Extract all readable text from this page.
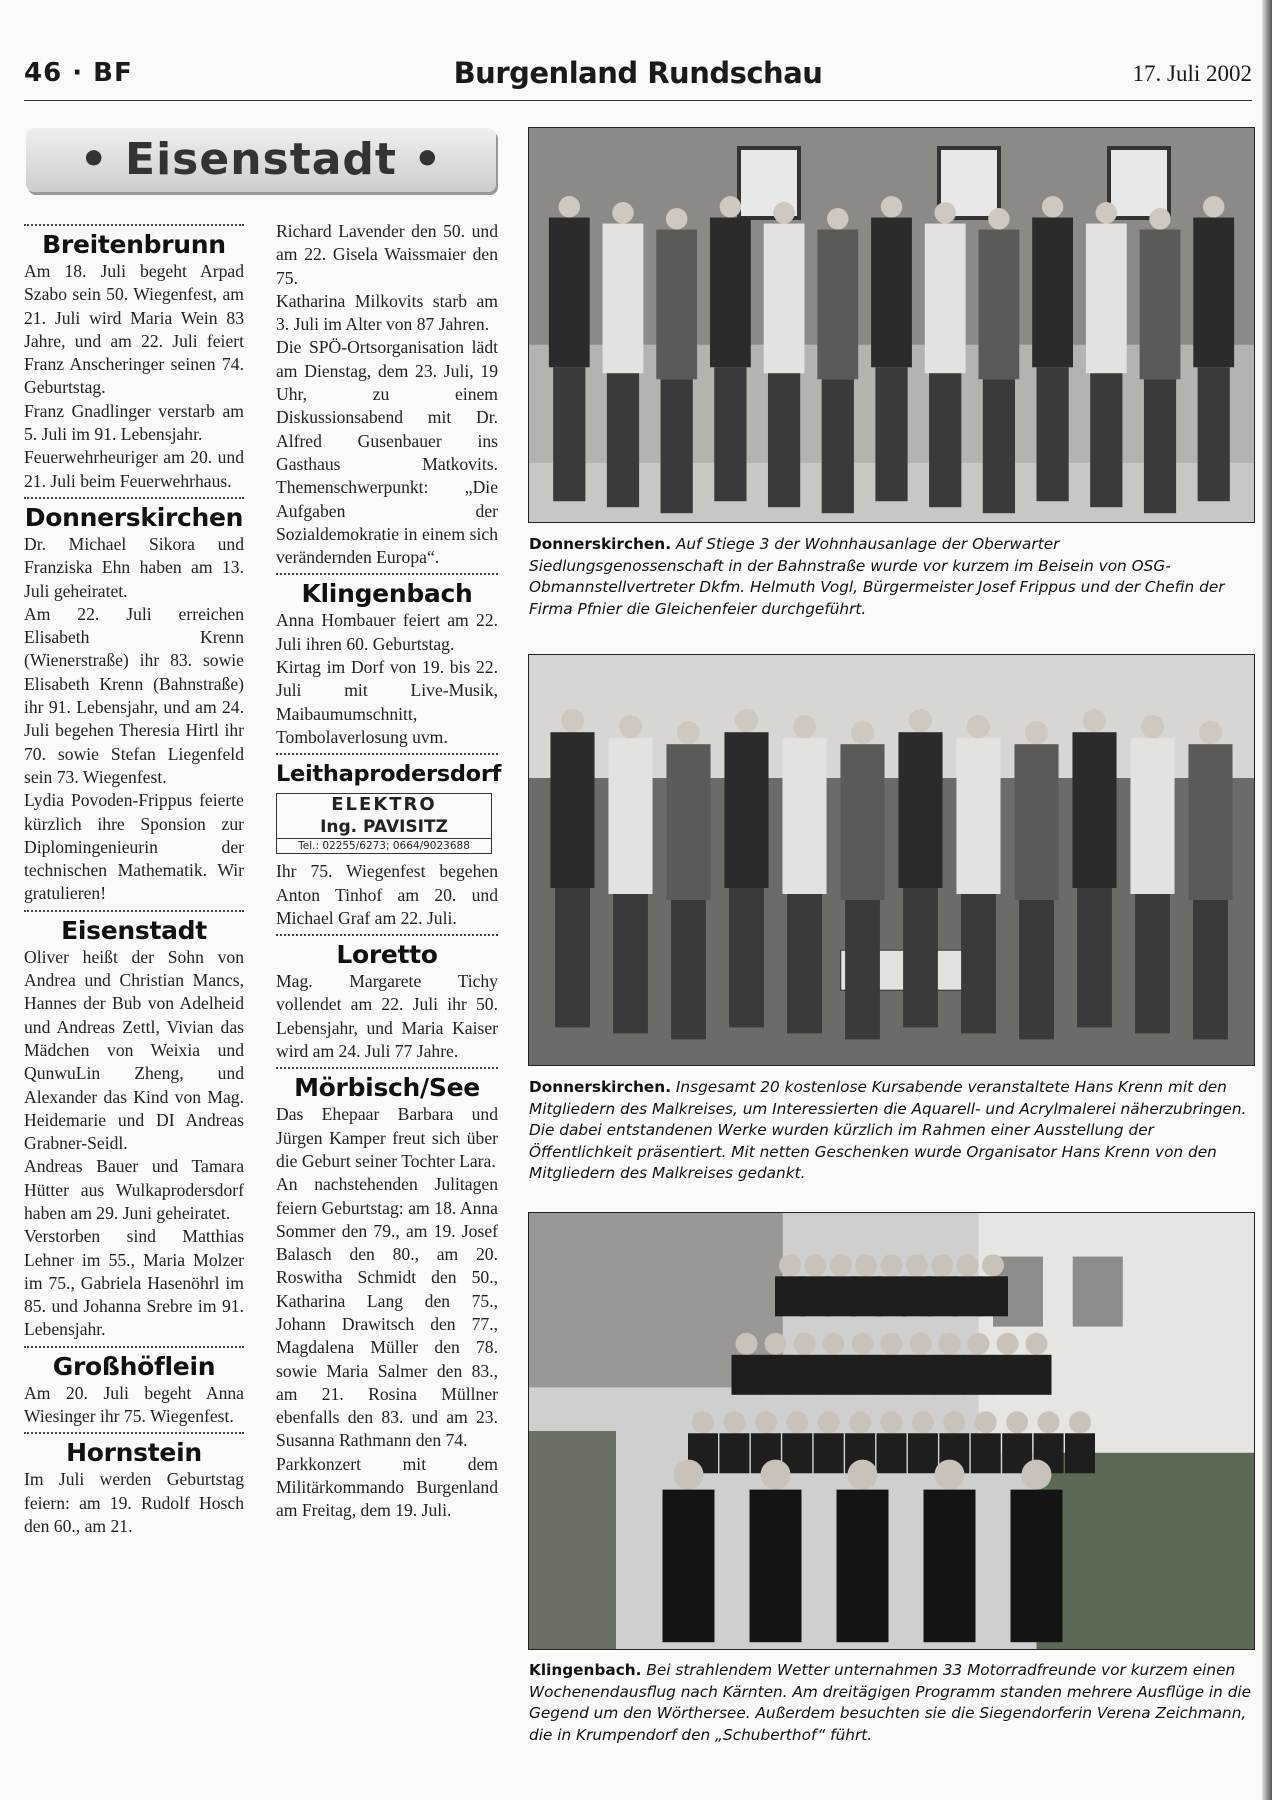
46 · BF	Burgenland Rundschau	17. Juli 2002
• Eisenstadt •
Breitenbrunn

Am 18. Juli begeht Arpad Szabo sein 50. Wiegenfest, am 21. Juli wird Maria Wein 83 Jahre, und am 22. Juli feiert Franz Anscheringer seinen 74. Geburtstag.

Franz Gnadlinger verstarb am 5. Juli im 91. Lebensjahr.

Feuerwehrheuriger am 20. und 21. Juli beim Feuerwehrhaus.

Donnerskirchen

Dr. Michael Sikora und Franziska Ehn haben am 13. Juli geheiratet.

Am 22. Juli erreichen Elisabeth Krenn (Wienerstraße) ihr 83. sowie Elisabeth Krenn (Bahnstraße) ihr 91. Lebensjahr, und am 24. Juli begehen Theresia Hirtl ihr 70. sowie Stefan Liegenfeld sein 73. Wiegenfest.

Lydia Povoden-Frippus feierte kürzlich ihre Sponsion zur Diplomingenieurin der technischen Mathematik. Wir gratulieren!

Eisenstadt

Oliver heißt der Sohn von Andrea und Christian Mancs, Hannes der Bub von Adelheid und Andreas Zettl, Vivian das Mädchen von Weixia und QunwuLin Zheng, und Alexander das Kind von Mag. Heidemarie und DI Andreas Grabner-Seidl.

Andreas Bauer und Tamara Hütter aus Wulkaprodersdorf haben am 29. Juni geheiratet.

Verstorben sind Matthias Lehner im 55., Maria Molzer im 75., Gabriela Hasenöhrl im 85. und Johanna Srebre im 91. Lebensjahr.

Großhöflein

Am 20. Juli begeht Anna Wiesinger ihr 75. Wiegenfest.

Hornstein

Im Juli werden Geburtstag feiern: am 19. Rudolf Hosch den 60., am 21.

Richard Lavender den 50. und am 22. Gisela Waissmaier den 75.

Katharina Milkovits starb am 3. Juli im Alter von 87 Jahren.

Die SPÖ-Ortsorganisation lädt am Dienstag, dem 23. Juli, 19 Uhr, zu einem Diskussionsabend mit Dr. Alfred Gusenbauer ins Gasthaus Matkovits. Themenschwerpunkt: „Die Aufgaben der Sozialdemokratie in einem sich verändernden Europa“.

Klingenbach

Anna Hombauer feiert am 22. Juli ihren 60. Geburtstag.

Kirtag im Dorf von 19. bis 22. Juli mit Live-Musik, Maibaumumschnitt, Tombolaverlosung uvm.

Leithaprodersdorf
ELEKTRO
Ing. PAVISITZ
Tel.: 02255/6273; 0664/9023688

Ihr 75. Wiegenfest begehen Anton Tinhof am 20. und Michael Graf am 22. Juli.

Loretto

Mag. Margarete Tichy vollendet am 22. Juli ihr 50. Lebensjahr, und Maria Kaiser wird am 24. Juli 77 Jahre.

Mörbisch/See

Das Ehepaar Barbara und Jürgen Kamper freut sich über die Geburt seiner Tochter Lara.

An nachstehenden Julitagen feiern Geburtstag: am 18. Anna Sommer den 79., am 19. Josef Balasch den 80., am 20. Roswitha Schmidt den 50., Katharina Lang den 75., Johann Drawitsch den 77., Magdalena Müller den 78. sowie Maria Salmer den 83., am 21. Rosina Müllner ebenfalls den 83. und am 23. Susanna Rathmann den 74.

Parkkonzert mit dem Militärkommando Burgenland am Freitag, dem 19. Juli.

Donnerskirchen. Auf Stiege 3 der Wohnhausanlage der Oberwarter Siedlungsgenossenschaft in der Bahnstraße wurde vor kurzem im Beisein von OSG-Obmannstellvertreter Dkfm. Helmuth Vogl, Bürgermeister Josef Frippus und der Chefin der Firma Pfnier die Gleichenfeier durchgeführt.
Donnerskirchen. Insgesamt 20 kostenlose Kursabende veranstaltete Hans Krenn mit den Mitgliedern des Malkreises, um Interessierten die Aquarell- und Acrylmalerei näherzubringen. Die dabei entstandenen Werke wurden kürzlich im Rahmen einer Ausstellung der Öffentlichkeit präsentiert. Mit netten Geschenken wurde Organisator Hans Krenn von den Mitgliedern des Malkreises gedankt.
Klingenbach. Bei strahlendem Wetter unternahmen 33 Motorradfreunde vor kurzem einen Wochenendausflug nach Kärnten. Am dreitägigen Programm standen mehrere Ausflüge in die Gegend um den Wörthersee. Außerdem besuchten sie die Siegendorferin Verena Zeichmann, die in Krumpendorf den „Schuberthof“ führt.
